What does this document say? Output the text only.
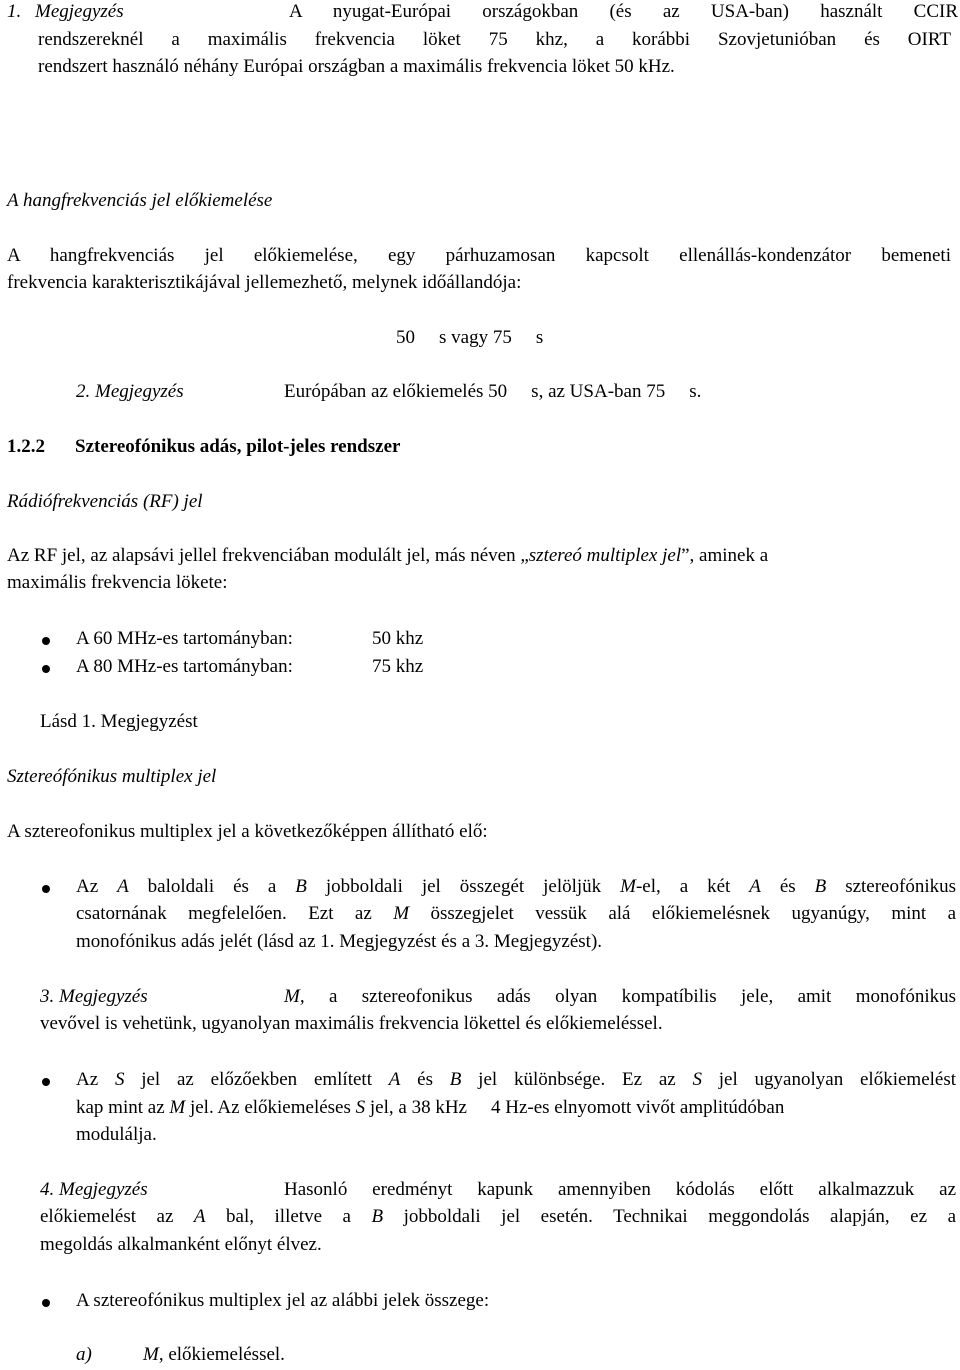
1. Megjegyzés	A nyugat-Európai országokban (és az USA-ban) használt CCIR
rendszereknél a maximális frekvencia löket 75 khz, a korábbi Szovjetunióban és OIRT
rendszert használó néhány Európai országban a maximális frekvencia löket 50 kHz.
A hangfrekvenciás jel előkiemelése
A hangfrekvenciás jel előkiemelése, egy párhuzamosan kapcsolt ellenállás-kondenzátor bemeneti
frekvencia karakterisztikájával jellemezhető, melynek időállandója:
50 s vagy 75 s
2. Megjegyzés	Európában az előkiemelés 50 s, az USA-ban 75 s.
1.2.2 Sztereofónikus adás, pilot-jeles rendszer
Rádiófrekvenciás (RF) jel
Az RF jel, az alapsávi jellel frekvenciában modulált jel, más néven „sztereó multiplex jel”, aminek a
maximális frekvencia lökete:
A 60 MHz-es tartományban:	50 khz
A 80 MHz-es tartományban:	75 khz
Lásd 1. Megjegyzést
Sztereófónikus multiplex jel
A sztereofonikus multiplex jel a következőképpen állítható elő:
Az A baloldali és a B jobboldali jel összegét jelöljük M-el, a két A és B sztereofónikus
csatornának megfelelően. Ezt az M összegjelet vessük alá előkiemelésnek ugyanúgy, mint a
monofónikus adás jelét (lásd az 1. Megjegyzést és a 3. Megjegyzést).
3. Megjegyzés	M, a sztereofonikus adás olyan kompatíbilis jele, amit monofónikus
vevővel is vehetünk, ugyanolyan maximális frekvencia lökettel és előkiemeléssel.
Az S jel az előzőekben említett A és B jel különbsége. Ez az S jel ugyanolyan előkiemelést
kap mint az M jel. Az előkiemeléses S jel, a 38 kHz 4 Hz-es elnyomott vivőt amplitúdóban
modulálja.
4. Megjegyzés	Hasonló eredményt kapunk amennyiben kódolás előtt alkalmazzuk az
előkiemelést az A bal, illetve a B jobboldali jel esetén. Technikai meggondolás alapján, ez a
megoldás alkalmanként előnyt élvez.
A sztereofónikus multiplex jel az alábbi jelek összege:
a)	M, előkiemeléssel.
